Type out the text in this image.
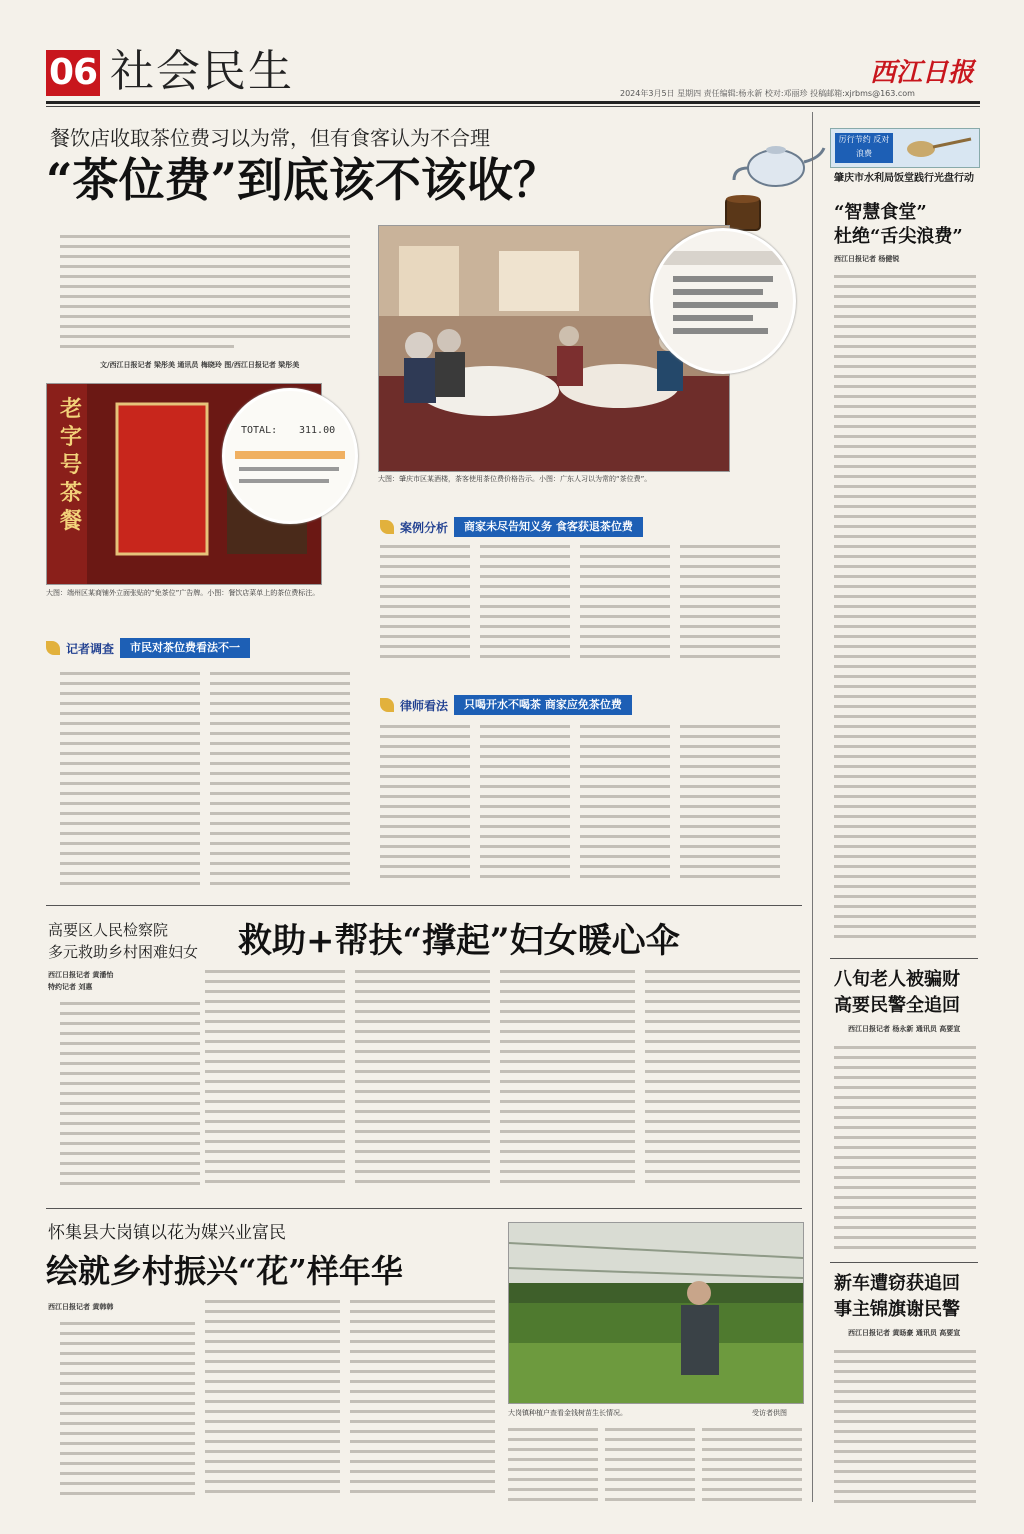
06 社会民生	西江日报
2024年3月5日 星期四 责任编辑:杨永新 校对:邓丽珍 投稿邮箱:xjrbms@163.com
餐饮店收取茶位费习以为常，但有食客认为不合理
“茶位费”到底该不该收？
文/西江日报记者 梁彤美 通讯员 梅晓玲 图/西江日报记者 梁彤美
大图：肇庆市区某酒楼，茶客使用茶位费价格告示。小图：广东人习以为常的“茶位费”。
老字号茶餐
TOTAL: 311.00
大图：端州区某商铺外立面张贴的“免茶位”广告牌。小图：餐饮店菜单上的茶位费标注。
案例分析	商家未尽告知义务 食客获退茶位费
记者调查	市民对茶位费看法不一
律师看法	只喝开水不喝茶 商家应免茶位费
厉行节约 反对浪费
肇庆市水利局饭堂践行光盘行动
“智慧食堂”
杜绝“舌尖浪费”
西江日报记者 杨健锐
高要区人民检察院
多元救助乡村困难妇女 救助+帮扶“撑起”妇女暖心伞
西江日报记者 黄潘怡
特约记者 刘惠	八旬老人被骗财
高要民警全追回
西江日报记者 杨永新 通讯员 高要宣
怀集县大岗镇以花为媒兴业富民
绘就乡村振兴“花”样年华
西江日报记者 黄韩韩
大岗镇种植户查看金钱树苗生长情况。	受访者供图
新车遭窃获追回
事主锦旗谢民警
西江日报记者 黄旸豪 通讯员 高要宣
